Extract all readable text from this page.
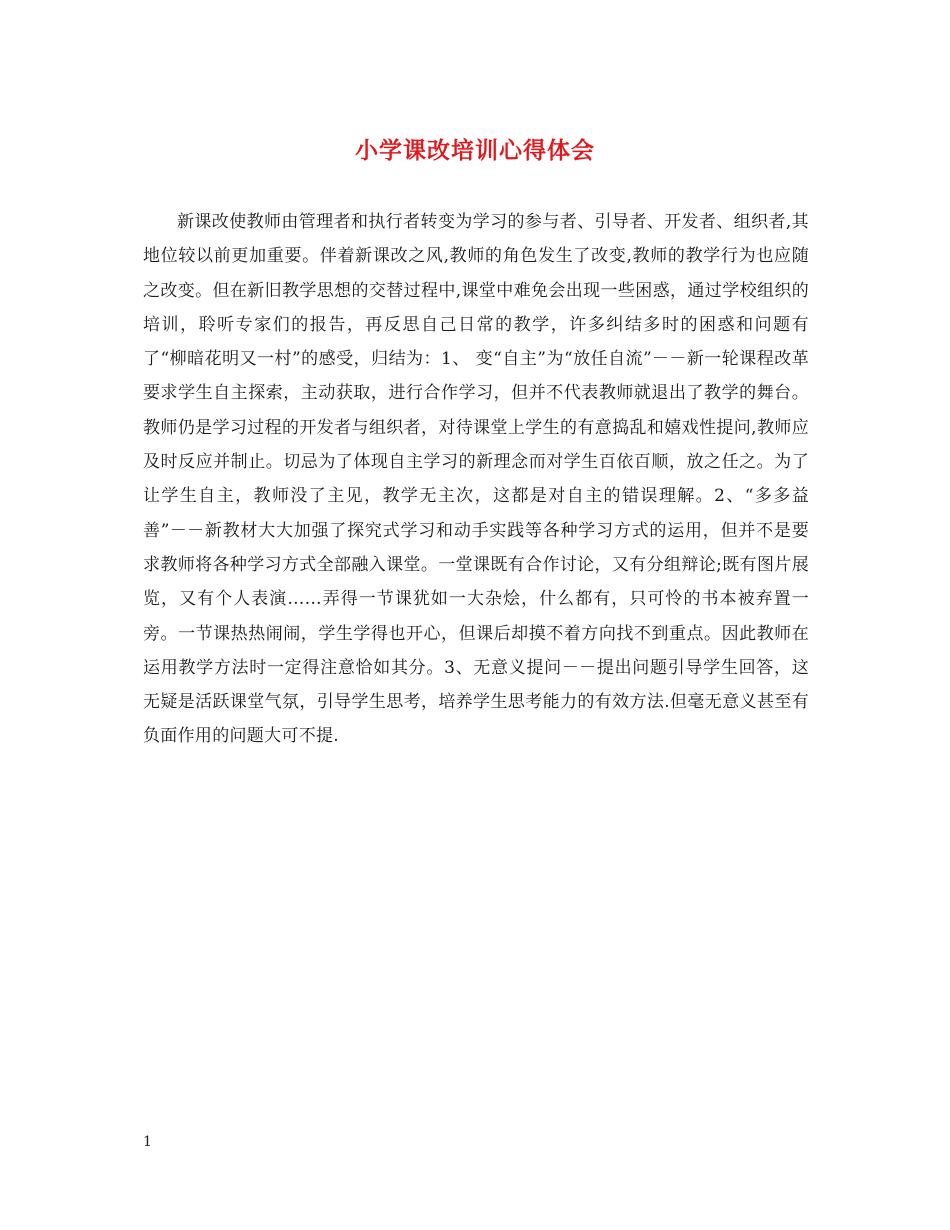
小学课改培训心得体会

新课改使教师由管理者和执行者转变为学习的参与者、引导者、开发者、组织者,其地位较以前更加重要。伴着新课改之风,教师的角色发生了改变,教师的教学行为也应随之改变。但在新旧教学思想的交替过程中,课堂中难免会出现一些困惑，通过学校组织的培训，聆听专家们的报告，再反思自己日常的教学，许多纠结多时的困惑和问题有了“柳暗花明又一村”的感受，归结为：1、 变“自主”为“放任自流”－－新一轮课程改革要求学生自主探索，主动获取，进行合作学习，但并不代表教师就退出了教学的舞台。教师仍是学习过程的开发者与组织者，对待课堂上学生的有意捣乱和嬉戏性提问,教师应及时反应并制止。切忌为了体现自主学习的新理念而对学生百依百顺，放之任之。为了让学生自主，教师没了主见，教学无主次，这都是对自主的错误理解。2、“多多益善”－－新教材大大加强了探究式学习和动手实践等各种学习方式的运用，但并不是要求教师将各种学习方式全部融入课堂。一堂课既有合作讨论，又有分组辩论;既有图片展览，又有个人表演……弄得一节课犹如一大杂烩，什么都有，只可怜的书本被弃置一旁。一节课热热闹闹，学生学得也开心，但课后却摸不着方向找不到重点。因此教师在运用教学方法时一定得注意恰如其分。3、无意义提问－－提出问题引导学生回答，这无疑是活跃课堂气氛，引导学生思考，培养学生思考能力的有效方法.但毫无意义甚至有负面作用的问题大可不提.

1
